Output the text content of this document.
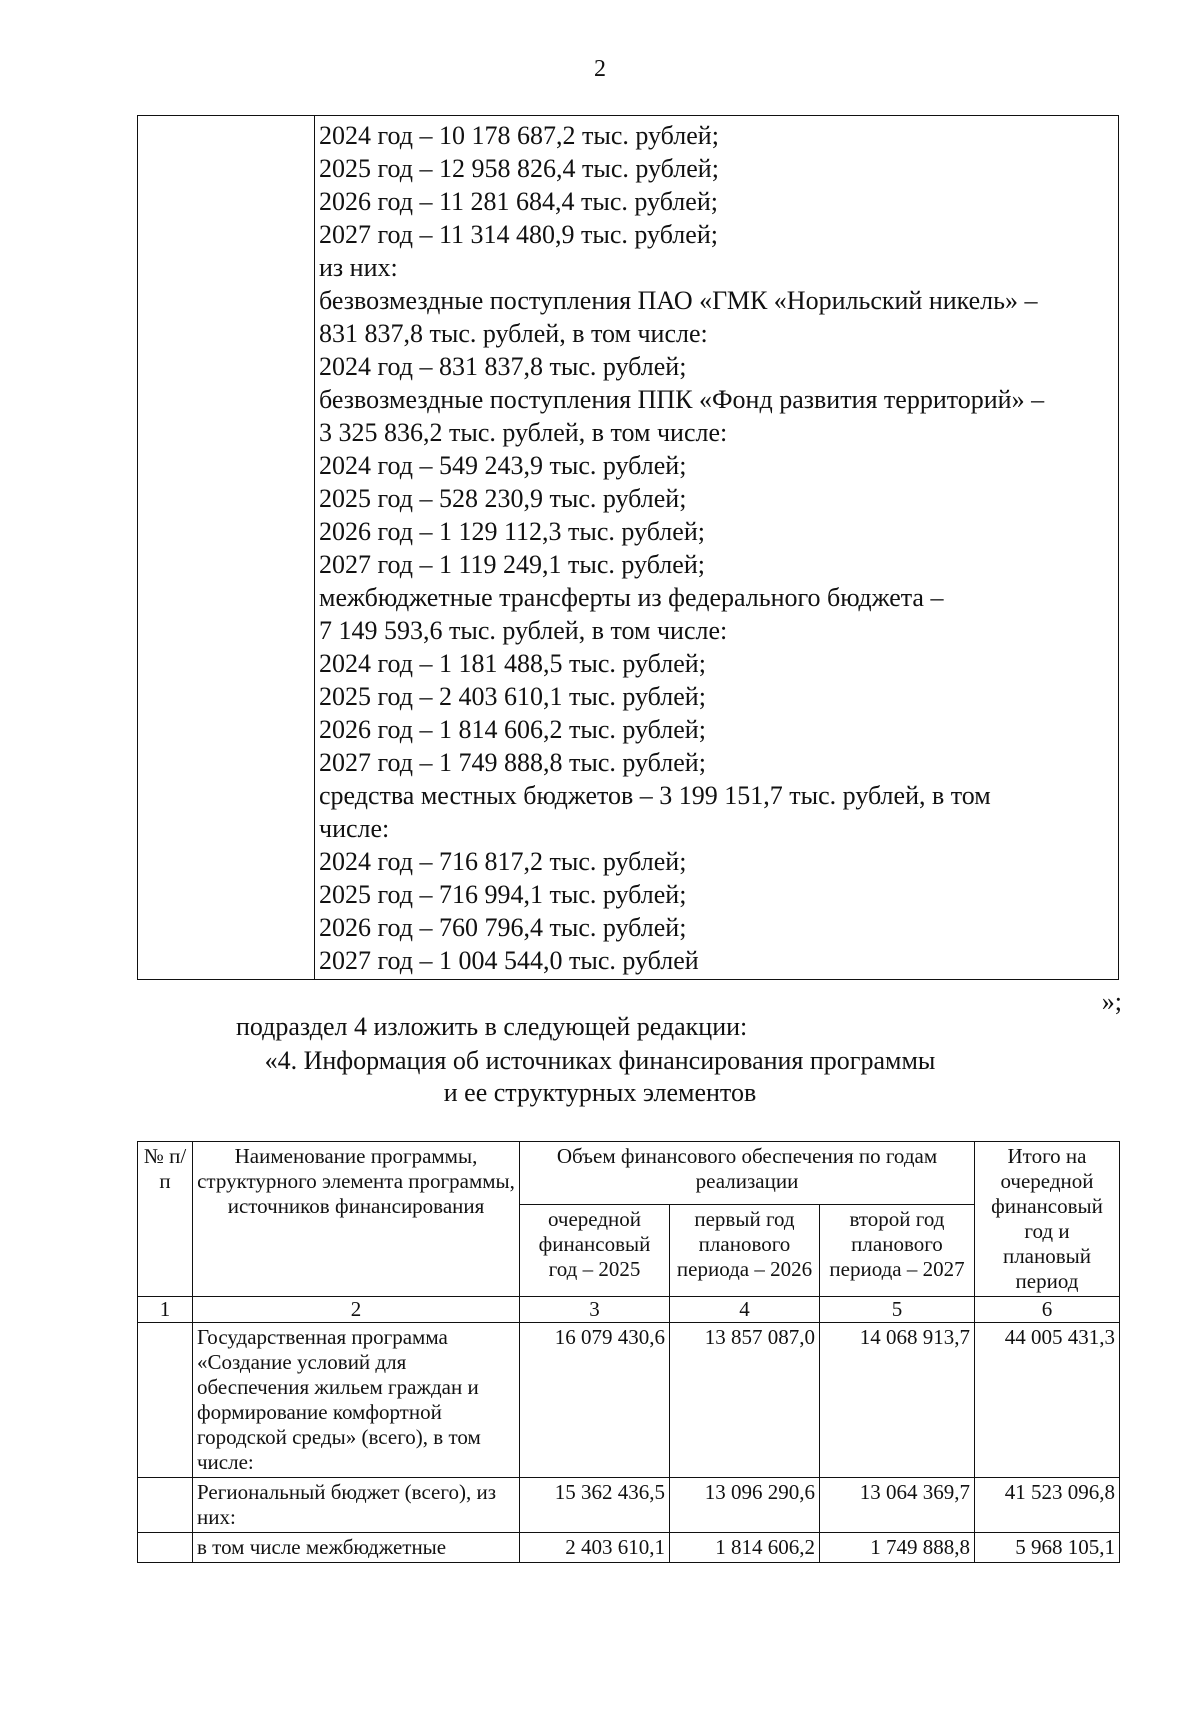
2

2024 год – 10 178 687,2 тыс. рублей;
2025 год – 12 958 826,4 тыс. рублей;
2026 год – 11 281 684,4 тыс. рублей;
2027 год – 11 314 480,9 тыс. рублей;
из них:
безвозмездные поступления ПАО «ГМК «Норильский никель» –
831 837,8 тыс. рублей, в том числе:
2024 год – 831 837,8 тыс. рублей;
безвозмездные поступления ППК «Фонд развития территорий» –
3 325 836,2 тыс. рублей, в том числе:
2024 год – 549 243,9 тыс. рублей;
2025 год – 528 230,9 тыс. рублей;
2026 год – 1 129 112,3 тыс. рублей;
2027 год – 1 119 249,1 тыс. рублей;
межбюджетные трансферты из федерального бюджета –
7 149 593,6 тыс. рублей, в том числе:
2024 год – 1 181 488,5 тыс. рублей;
2025 год – 2 403 610,1 тыс. рублей;
2026 год – 1 814 606,2 тыс. рублей;
2027 год – 1 749 888,8 тыс. рублей;
средства местных бюджетов – 3 199 151,7 тыс. рублей, в том
числе:
2024 год – 716 817,2 тыс. рублей;
2025 год – 716 994,1 тыс. рублей;
2026 год – 760 796,4 тыс. рублей;
2027 год – 1 004 544,0 тыс. рублей
»;
подраздел 4 изложить в следующей редакции:
«4. Информация об источниках финансирования программы
и ее структурных элементов
№ п/п	Наименование программы, структурного элемента программы, источников финансирования	Объем финансового обеспечения по годам реализации			Итого на очередной финансовый год и плановый период
		очередной финансовый год – 2025	первый год планового периода – 2026	второй год планового периода – 2027	
1	2	3	4	5	6
	Государственная программа «Создание условий для обеспечения жильем граждан и формирование комфортной городской среды» (всего), в том числе:	16 079 430,6	13 857 087,0	14 068 913,7	44 005 431,3
	Региональный бюджет (всего), из них:	15 362 436,5	13 096 290,6	13 064 369,7	41 523 096,8
	в том числе межбюджетные	2 403 610,1	1 814 606,2	1 749 888,8	5 968 105,1
